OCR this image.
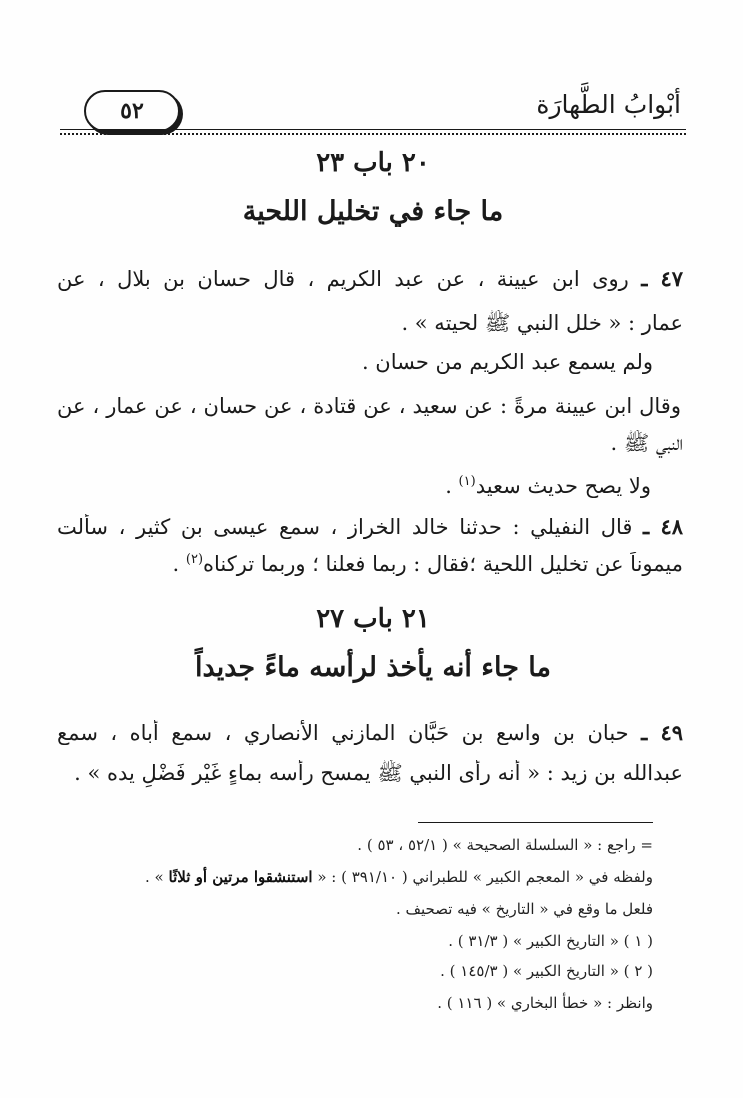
٥٢	أبْوابُ الطَّهارَة
٢٠ باب ٢٣
ما جاء في تخليل اللحية
٤٧ ـ روى ابن عيينة ، عن عبد الكريم ، قال حسان بن بلال ، عن
عمار : « خلل النبي ﷺ لحيته » .
ولم يسمع عبد الكريم من حسان .
وقال ابن عيينة مرةً : عن سعيد ، عن قتادة ، عن حسان ، عن عمار ، عن
النبي ﷺ .
ولا يصح حديث سعيد$^{(١)}$ .
٤٨ ـ قال النفيلي : حدثنا خالد الخراز ، سمع عيسى بن كثير ، سألت
ميموناً عن تخليل اللحية ؛فقال : ربما فعلنا ؛ وربما تركناه$^{(٢)}$ .
٢١ باب ٢٧
ما جاء أنه يأخذ لرأسه ماءً جديداً
٤٩ ـ حبان بن واسع بن حَبَّان المازني الأنصاري ، سمع أباه ، سمع
عبدالله بن زيد : « أنه رأى النبي ﷺ يمسح رأسه بماءٍ غَيْر فَضْلِ يده » .
= راجع : « السلسلة الصحيحة » ( ٥٢/١ ، ٥٣ ) .
ولفظه في « المعجم الكبير » للطبراني ( ٣٩١/١٠ ) : « استنشقوا مرتين أو ثلاثًا » .
فلعل ما وقع في « التاريخ » فيه تصحيف .
( ١ ) « التاريخ الكبير » ( ٣١/٣ ) .
( ٢ ) « التاريخ الكبير » ( ١٤٥/٣ ) .
وانظر : « خطأ البخاري » ( ١١٦ ) .
